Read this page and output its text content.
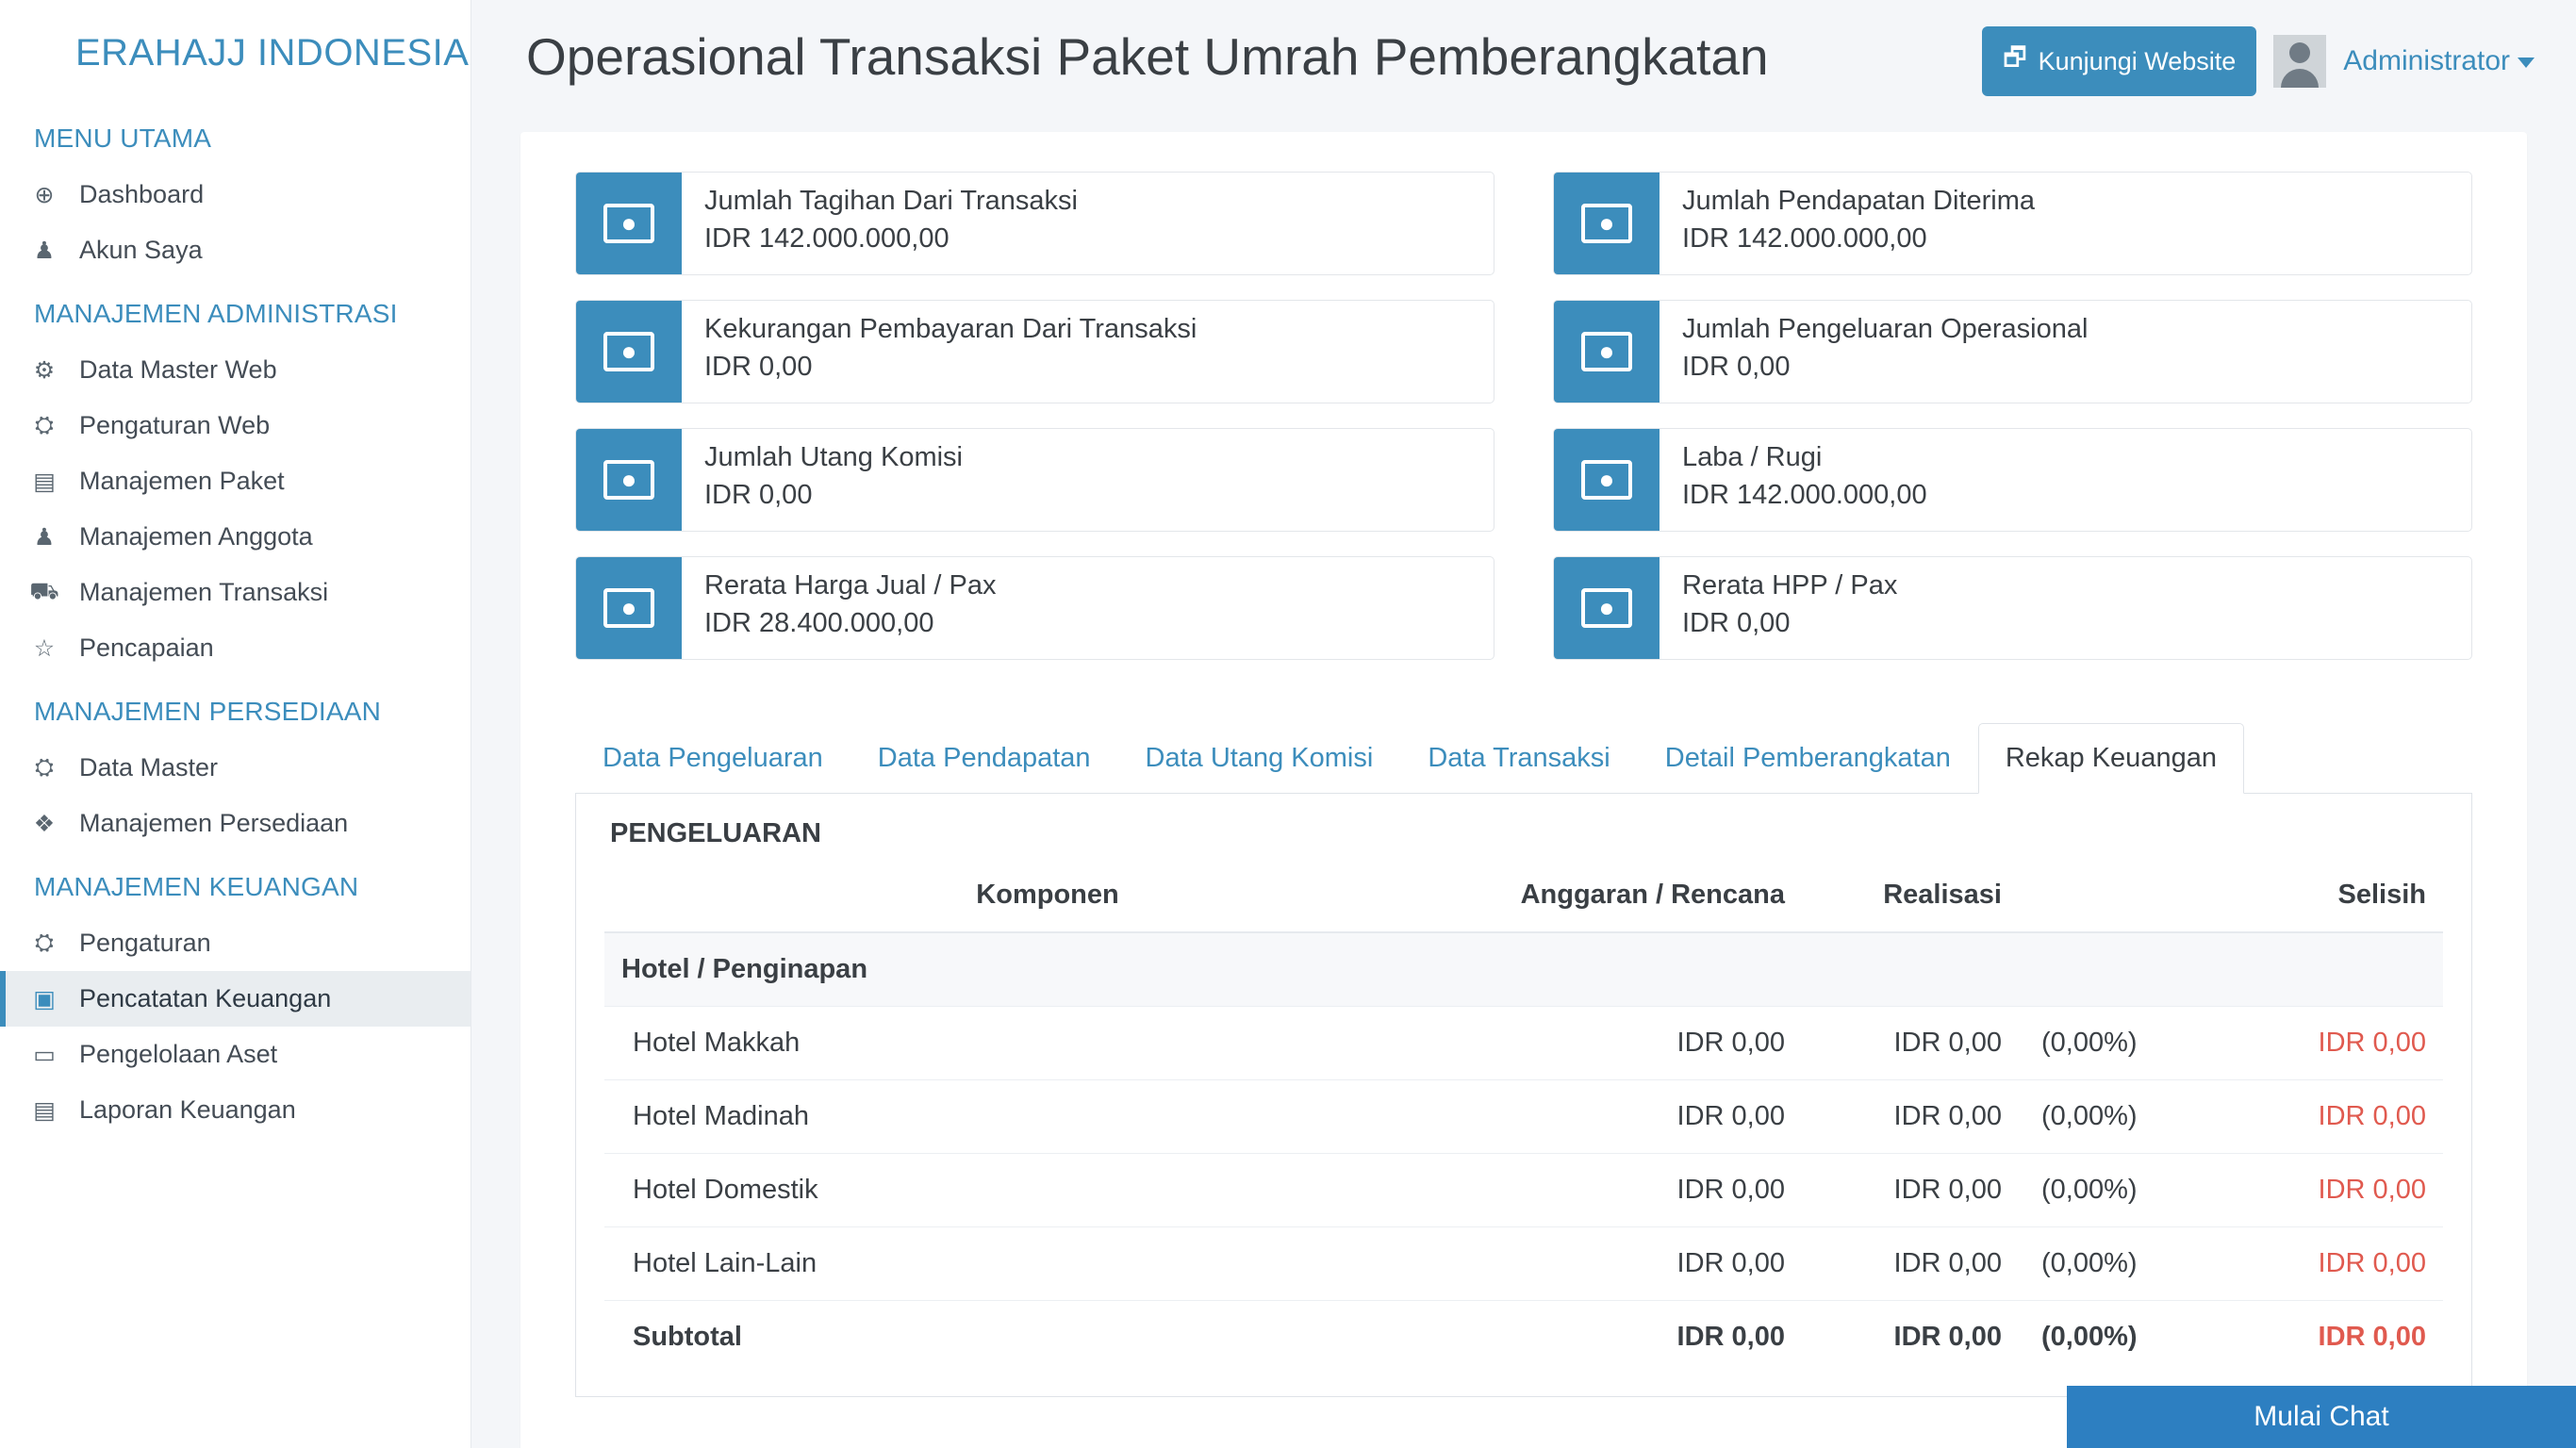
ERAHAJJ INDONESIA
MENU UTAMA
⊕ Dashboard
♟ Akun Saya
MANAJEMEN ADMINISTRASI
⚙ Data Master Web
⛭ Pengaturan Web
▤ Manajemen Paket
♟ Manajemen Anggota
⛟ Manajemen Transaksi
☆ Pencapaian
MANAJEMEN PERSEDIAAN
⛭ Data Master
❖ Manajemen Persediaan
MANAJEMEN KEUANGAN
⛭ Pengaturan
▣ Pencatatan Keuangan
▭ Pengelolaan Aset
▤ Laporan Keuangan
Operasional Transaksi Paket Umrah Pemberangkatan	🗗 Kunjungi Website	Administrator
●
Jumlah Tagihan Dari Transaksi
IDR 142.000.000,00
●
Jumlah Pendapatan Diterima
IDR 142.000.000,00
●
Kekurangan Pembayaran Dari Transaksi
IDR 0,00
●
Jumlah Pengeluaran Operasional
IDR 0,00
●
Jumlah Utang Komisi
IDR 0,00
●
Laba / Rugi
IDR 142.000.000,00
●
Rerata Harga Jual / Pax
IDR 28.400.000,00
●
Rerata HPP / Pax
IDR 0,00
Data Pengeluaran	Data Pendapatan	Data Utang Komisi	Data Transaksi	Detail Pemberangkatan	Rekap Keuangan
PENGELUARAN
Komponen	Anggaran / Rencana	Realisasi		Selisih
Hotel / Penginapan				
Hotel Makkah	IDR 0,00	IDR 0,00	(0,00%)	IDR 0,00
Hotel Madinah	IDR 0,00	IDR 0,00	(0,00%)	IDR 0,00
Hotel Domestik	IDR 0,00	IDR 0,00	(0,00%)	IDR 0,00
Hotel Lain-Lain	IDR 0,00	IDR 0,00	(0,00%)	IDR 0,00
Subtotal	IDR 0,00	IDR 0,00	(0,00%)	IDR 0,00
Mulai Chat
